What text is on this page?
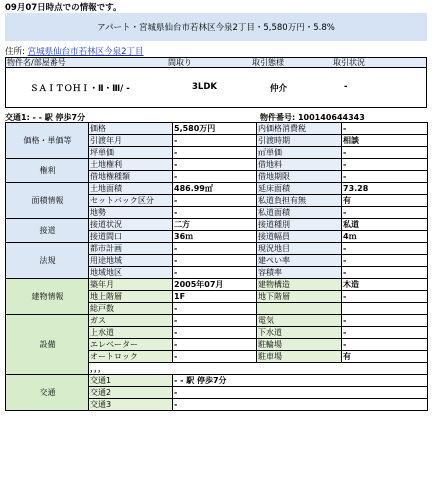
09月07日時点での情報です。
アパート・宮城県仙台市若林区今泉2丁目・5,580万円・5.8%
住所: 宮城県仙台市若林区今泉2丁目
物件名/部屋番号	間取り	取引態様	取引状況
ＳＡＩＴＯＨＩ・Ⅱ・Ⅲ/ -	3LDK	仲介	-
交通1: - - 駅 停歩7分	物件番号: 100140644343
価格・単価等	価格	5,580万円	内価格消費税	-
	引渡年月	-	引渡時期	相談
	坪単価	-	㎡単価	-
権利	土地権利	-	借地料	-
	借地権種類	-	借地期限	-
面積情報	土地面積	486.99㎡	延床面積	73.28
	セットバック区分	-	私道負担有無	有
	地勢	-	私道面積	-
接道	接道状況	二方	接道種別	私道
	接道間口	36ｍ	接道幅員	4ｍ
法規	都市計画	-	現況地目	-
	用途地域	-	建ぺい率	-
	地域地区	-	容積率	-
建物情報	築年月	2005年07月	建物構造	木造
	地上階層	1F	地下階層	-
	総戸数	-		
設備	ガス	-	電気	-
	上水道	-	下水道	-
	エレベーター	-	駐輪場	-
	オートロック	-	駐車場	有
	，，，			
交通	交通1	- - 駅 停歩7分		
	交通2	-		
	交通3	-		
